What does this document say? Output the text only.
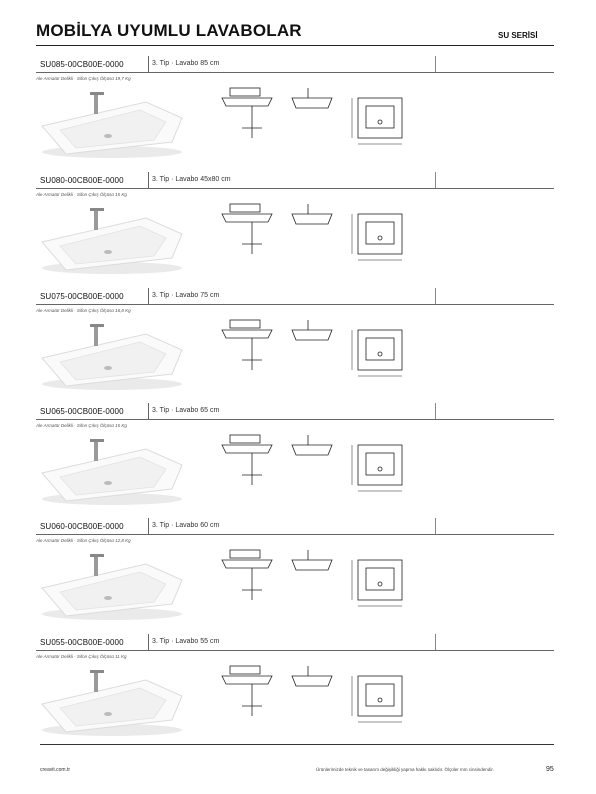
MOBİLYA UYUMLU LAVABOLAR	SU SERİSİ
SU085-00CB00E-0000	3. Tip · Lavabo 85 cm
Ale Armatür Delikli · Sifon Çıkış Ölçüsü 19,7 Kg
SU080-00CB00E-0000	3. Tip · Lavabo 45x80 cm
Ale Armatür Delikli · Sifon Çıkış Ölçüsü 15 Kg
SU075-00CB00E-0000	3. Tip · Lavabo 75 cm
Ale Armatür Delikli · Sifon Çıkış Ölçüsü 16,8 Kg
SU065-00CB00E-0000	3. Tip · Lavabo 65 cm
Ale Armatür Delikli · Sifon Çıkış Ölçüsü 15 Kg
SU060-00CB00E-0000	3. Tip · Lavabo 60 cm
Ale Armatür Delikli · Sifon Çıkış Ölçüsü 12,8 Kg
SU055-00CB00E-0000	3. Tip · Lavabo 55 cm
Ale Armatür Delikli · Sifon Çıkış Ölçüsü 11 Kg
creavit.com.tr	Ürünlerimizde teknik ve tasarım değişikliği yapma hakkı saklıdır. Ölçüler mm cinsindendir.	95
